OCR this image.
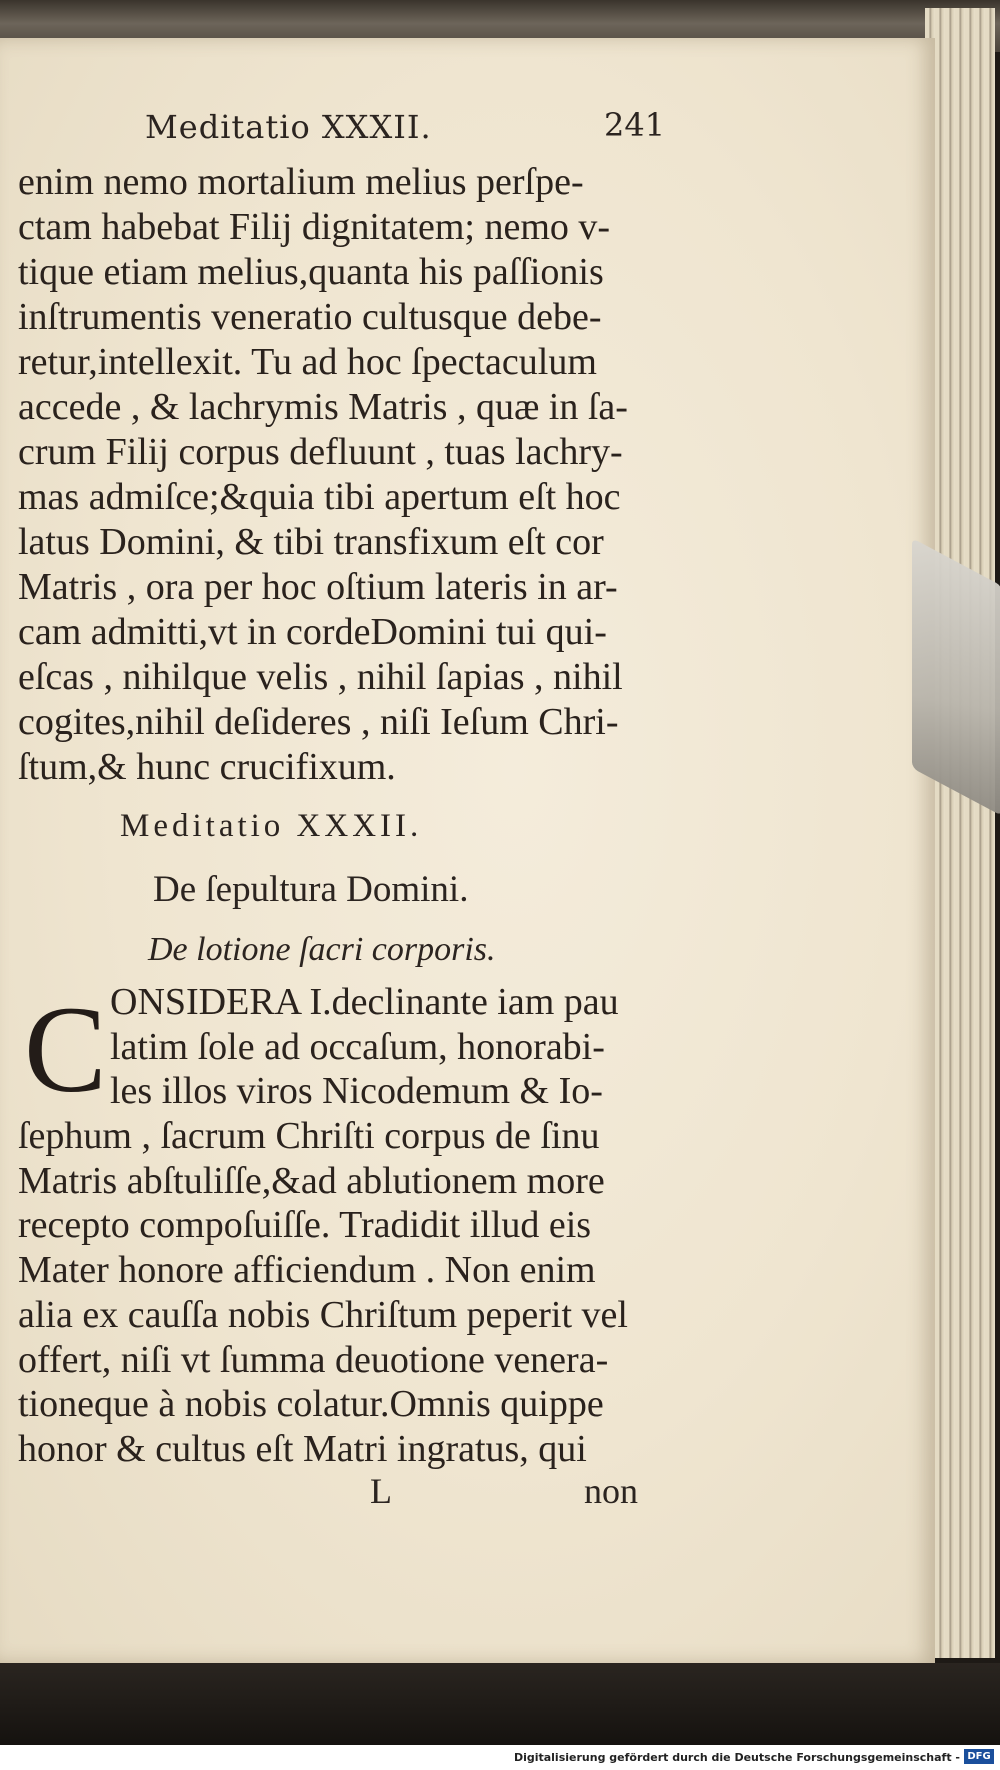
Meditatio XXXII.	241
enim nemo mortalium melius perſpe-
ctam habebat Filij dignitatem; nemo v-
tique etiam melius,quanta his paſſionis
inſtrumentis veneratio cultusque debe-
retur,intellexit. Tu ad hoc ſpectaculum
accede , & lachrymis Matris , quæ in ſa-
crum Filij corpus defluunt , tuas lachry-
mas admiſce;&quia tibi apertum eſt hoc
latus Domini, & tibi transfixum eſt cor
Matris , ora per hoc oſtium lateris in ar-
cam admitti,vt in cordeDomini tui qui-
eſcas , nihilque velis , nihil ſapias , nihil
cogites,nihil deſideres , niſi Ieſum Chri-
ſtum,& hunc crucifixum.
Meditatio XXXII.
De ſepultura Domini.
De lotione ſacri corporis.
C ONSIDERA I.declinante iam pau
latim ſole ad occaſum, honorabi-
les illos viros Nicodemum & Io-
ſephum , ſacrum Chriſti corpus de ſinu
Matris abſtuliſſe,&ad ablutionem more
recepto compoſuiſſe. Tradidit illud eis
Mater honore afficiendum . Non enim
alia ex cauſſa nobis Chriſtum peperit vel
offert, niſi vt ſumma deuotione venera-
tioneque à nobis colatur.Omnis quippe
honor & cultus eſt Matri ingratus, qui
L	non
Digitalisierung gefördert durch die Deutsche Forschungsgemeinschaft - DFG
